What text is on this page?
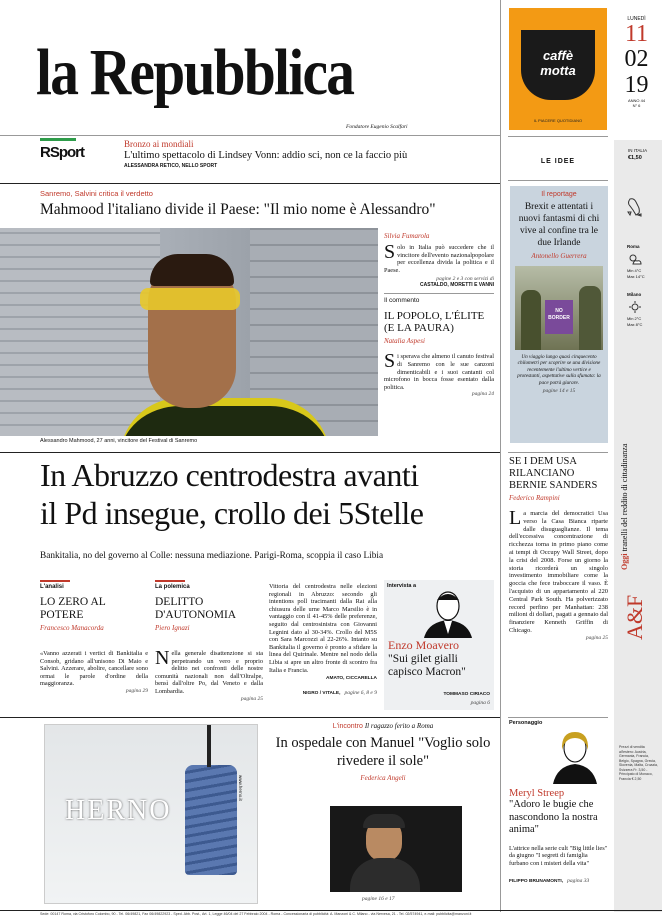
la Repubblica
Fondatore Eugenio Scalfari
caffè motta
IL PIACERE QUOTIDIANO
LUNEDÌ
11
02
19
ANNO 44
N° 6
IN ITALIA
€1,50
Roma
Min 4°C
Max 14°C
Milano
Min 2°C
Max 8°C
Oggi tranelli del reddito di cittadinanza
A&F
Prezzi di vendita all'estero: Austria, Germania, Francia, Belgio, Spagna, Grecia, Slovenia, Malta, Croazia, Svizzera Fr. 3,50 - Principato di Monaco, Francia € 2,50
RSport	Bronzo ai mondiali
L'ultimo spettacolo di Lindsey Vonn: addio sci, non ce la faccio più
ALESSANDRA RETICO, NELLO SPORT
LE IDEE
Sanremo, Salvini critica il verdetto
Mahmood l'italiano divide il Paese: "Il mio nome è Alessandro"
Alessandro Mahmood, 27 anni, vincitore del Festival di Sanremo
Silvia Fumarola

Solo in Italia può succedere che il vincitore dell'evento nazionalpopolare per eccellenza divida la politica e il Paese.

pagine 2 e 3 con servizi di
CASTALDO, MORETTI E VANNI
Il commento
IL POPOLO, L'ÉLITE (E LA PAURA)
Natalia Aspesi

Si sperava che almeno il canuto festival di Sanremo con le sue canzoni dimenticabili e i suoi cantanti col microfono in bocca fosse esentato dalla politica.

pagina 24
Il reportage
Brexit e attentati i nuovi fantasmi di chi vive al confine tra le due Irlande
Antonello Guerrera
NO BORDER
Un viaggio lungo quasi cinquecento chilometri per scoprire se una divisione recentemente l'ultimo vertice e protestanti, aspettative sulla sfumata: la pace potrà giurare.
pagine 14 e 15
In Abruzzo centrodestra avanti
il Pd insegue, crollo dei 5Stelle
Bankitalia, no del governo al Colle: nessuna mediazione. Parigi-Roma, scoppia il caso Libia
L'analisi
LO ZERO AL POTERE
Francesco Manacorda

«Vanno azzerati i vertici di Bankitalia e Consob, gridano all'unisono Di Maio e Salvini. Azzerare, abolire, cancellare sono ormai le parole d'ordine della maggioranza.

pagina 29
La polemica
DELITTO D'AUTONOMIA
Piero Ignazi

Nella generale disattenzione si sta perpetrando un vero e proprio delitto nei confronti delle nostre comunità nazionali non dall'Oltralpe, bensì dall'oltre Po, dal Veneto e dalla Lombardia.

pagina 25

Vittoria del centrodestra nelle elezioni regionali in Abruzzo: secondo gli intentions poll tracimanti dalla Rai alla chiusura delle urne Marco Marsilio è in vantaggio con il 41-45% delle preferenze, seguito dal centrosinistra con Giovanni Legnini dato al 30-34%. Crollo del M5S con Sara Marcozzi al 22-26%. Intanto su Bankitalia il governo è pronto a sfidare la linea del Quirinale. Mentre nel nodo della Libia si apre un altro fronte di scontro fra Italia e Francia.

AMATO, CICCARELLA
NIGRO / VITALE, pagine 6, 8 e 9
Intervista a
Enzo Moavero
"Sui gilet gialli capisco Macron"
TOMMASO CIRIACO
pagina 6
SE I DEM USA RILANCIANO BERNIE SANDERS
Federico Rampini

La marcia del democratici Usa verso la Casa Bianca riparte dalle disuguaglianze. Il tema dell'eccessiva concentrazione di ricchezza torna in primo piano come ai tempi di Occupy Wall Street, dopo la crisi del 2008. Forse un giorno la storia ricorderà un singolo investimento immobiliare come la goccia che fece traboccare il vaso. È l'acquisto di un appartamento al 220 Central Park South. Ha polverizzato record perfino per Manhattan: 238 milioni di dollari, pagati a gennaio dal finanziere Kenneth Griffin di Chicago.

pagina 25
HERNO
www.herno.it
L'incontro Il ragazzo ferito a Roma
In ospedale con Manuel "Voglio solo rivedere il sole"
Federica Angeli
pagine 16 e 17
Personaggio
Meryl Streep
"Adoro le bugie che nascondono la nostra anima"

L'attrice nella serie cult "Big little lies" da giugno "I segreti di famiglia furbano con i misteri della vita"

FILIPPO BRUNAMONTI, pagina 33
Sede: 00147 Roma, via Cristoforo Colombo, 90 - Tel. 06/49821, Fax 06/49822923 - Sped. Abb. Post., Art. 1, Legge 46/04 del 27 Febbraio 2004 - Roma - Concessionaria di pubblicità: A. Manzoni & C. Milano - via Nervesa, 21 - Tel. 02/574941, e-mail: pubblicita@manzoni.it
